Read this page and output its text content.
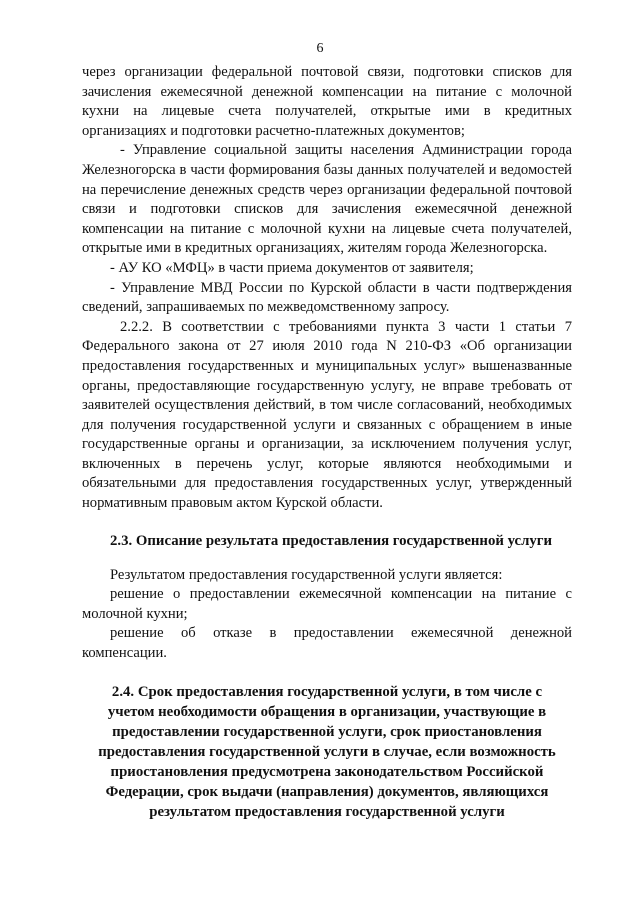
6

через организации федеральной почтовой связи, подготовки списков для зачисления ежемесячной денежной компенсации на питание с молочной кухни на лицевые счета получателей, открытые ими в кредитных организациях и подготовки расчетно-платежных документов;

- Управление социальной защиты населения Администрации города Железногорска в части формирования базы данных получателей и ведомостей на перечисление денежных средств через организации федеральной почтовой связи и подготовки списков для зачисления ежемесячной денежной компенсации на питание с молочной кухни на лицевые счета получателей, открытые ими в кредитных организациях, жителям города Железногорска.

- АУ КО «МФЦ» в части приема документов от заявителя;

- Управление МВД России по Курской области в части подтверждения сведений, запрашиваемых по межведомственному запросу.

2.2.2. В соответствии с требованиями пункта 3 части 1 статьи 7 Федерального закона от 27 июля 2010 года N 210-ФЗ «Об организации предоставления государственных и муниципальных услуг» вышеназванные органы, предоставляющие государственную услугу, не вправе требовать от заявителей осуществления действий, в том числе согласований, необходимых для получения государственной услуги и связанных с обращением в иные государственные органы и организации, за исключением получения услуг, включенных в перечень услуг, которые являются необходимыми и обязательными для предоставления государственных услуг, утвержденный нормативным правовым актом Курской области.

2.3. Описание результата предоставления государственной услуги

Результатом предоставления государственной услуги является:

решение о предоставлении ежемесячной компенсации на питание с молочной кухни;

решение об отказе в предоставлении ежемесячной денежной компенсации.

2.4. Срок предоставления государственной услуги, в том числе с учетом необходимости обращения в организации, участвующие в предоставлении государственной услуги, срок приостановления предоставления государственной услуги в случае, если возможность приостановления предусмотрена законодательством Российской Федерации, срок выдачи (направления) документов, являющихся результатом предоставления государственной услуги
